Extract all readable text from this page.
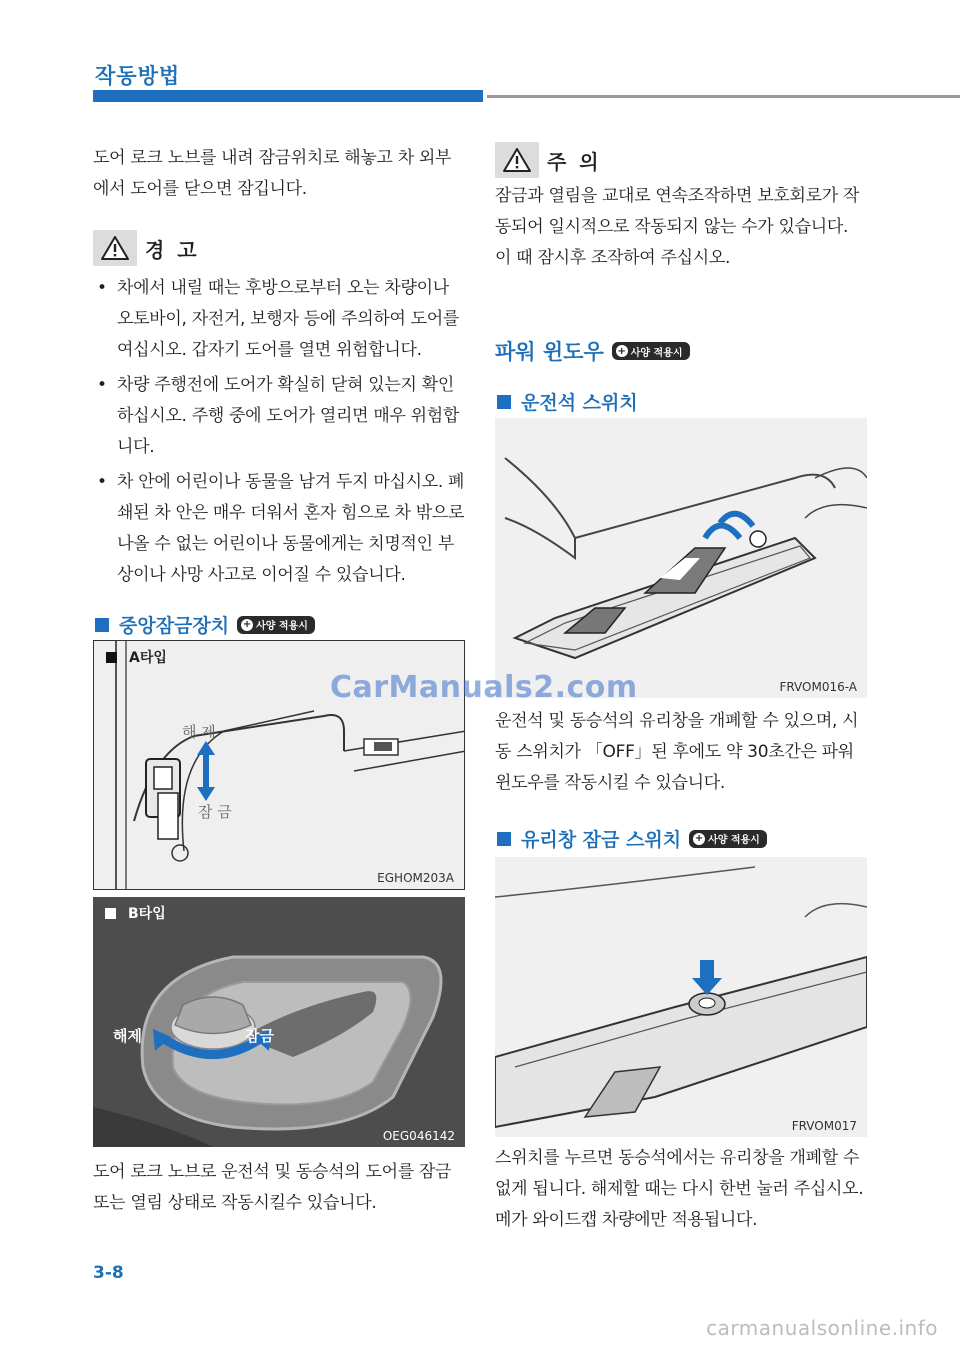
작동방법

도어 로크 노브를 내려 잠금위치로 해놓고 차 외부에서 도어를 닫으면 잠깁니다.

경 고
• 차에서 내릴 때는 후방으로부터 오는 차량이나 오토바이, 자전거, 보행자 등에 주의하여 도어를 여십시오. 갑자기 도어를 열면 위험합니다.
• 차량 주행전에 도어가 확실히 닫혀 있는지 확인하십시오. 주행 중에 도어가 열리면 매우 위험합니다.
• 차 안에 어린이나 동물을 남겨 두지 마십시오. 폐쇄된 차 안은 매우 더워서 혼자 힘으로 차 밖으로 나올 수 없는 어린이나 동물에게는 치명적인 부상이나 사망 사고로 이어질 수 있습니다.
중앙잠금장치 + 사양 적용시
A타입
해 제
잠 금
EGHOM203A
B타입
해제	잠금
OEG046142

도어 로크 노브로 운전석 및 동승석의 도어를 잠금 또는 열림 상태로 작동시킬수 있습니다.

주 의

잠금과 열림을 교대로 연속조작하면 보호회로가 작동되어 일시적으로 작동되지 않는 수가 있습니다. 이 때 잠시후 조작하여 주십시오.

파워 윈도우 + 사양 적용시
운전석 스위치
FRVOM016-A

운전석 및 동승석의 유리창을 개폐할 수 있으며, 시동 스위치가 「OFF」된 후에도 약 30초간은 파워 윈도우를 작동시킬 수 있습니다.

유리창 잠금 스위치 + 사양 적용시
FRVOM017

스위치를 누르면 동승석에서는 유리창을 개폐할 수 없게 됩니다. 해제할 때는 다시 한번 눌러 주십시오. 메가 와이드캡 차량에만 적용됩니다.

3-8
CarManuals2.com
carmanualsonline.info
